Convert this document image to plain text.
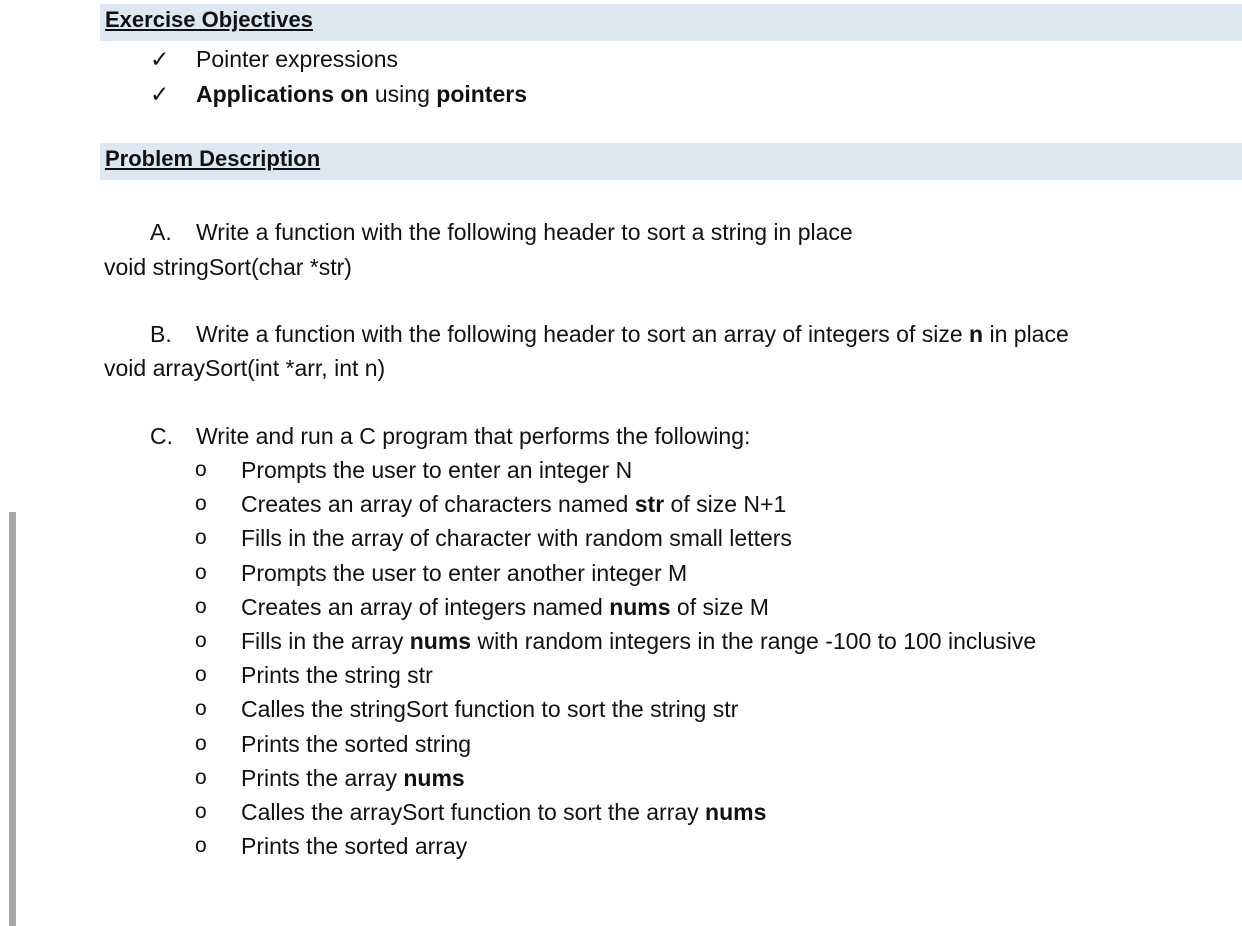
Exercise Objectives
✓	Pointer expressions
✓	Applications on using pointers
Problem Description
A. Write a function with the following header to sort a string in place
void stringSort(char *str)
B. Write a function with the following header to sort an array of integers of size n in place
void arraySort(int *arr, int n)
C. Write and run a C program that performs the following:
o	Prompts the user to enter an integer N
o	Creates an array of characters named str of size N+1
o	Fills in the array of character with random small letters
o	Prompts the user to enter another integer M
o	Creates an array of integers named nums of size M
o	Fills in the array nums with random integers in the range -100 to 100 inclusive
o	Prints the string str
o	Calles the stringSort function to sort the string str
o	Prints the sorted string
o	Prints the array nums
o	Calles the arraySort function to sort the array nums
o	Prints the sorted array
